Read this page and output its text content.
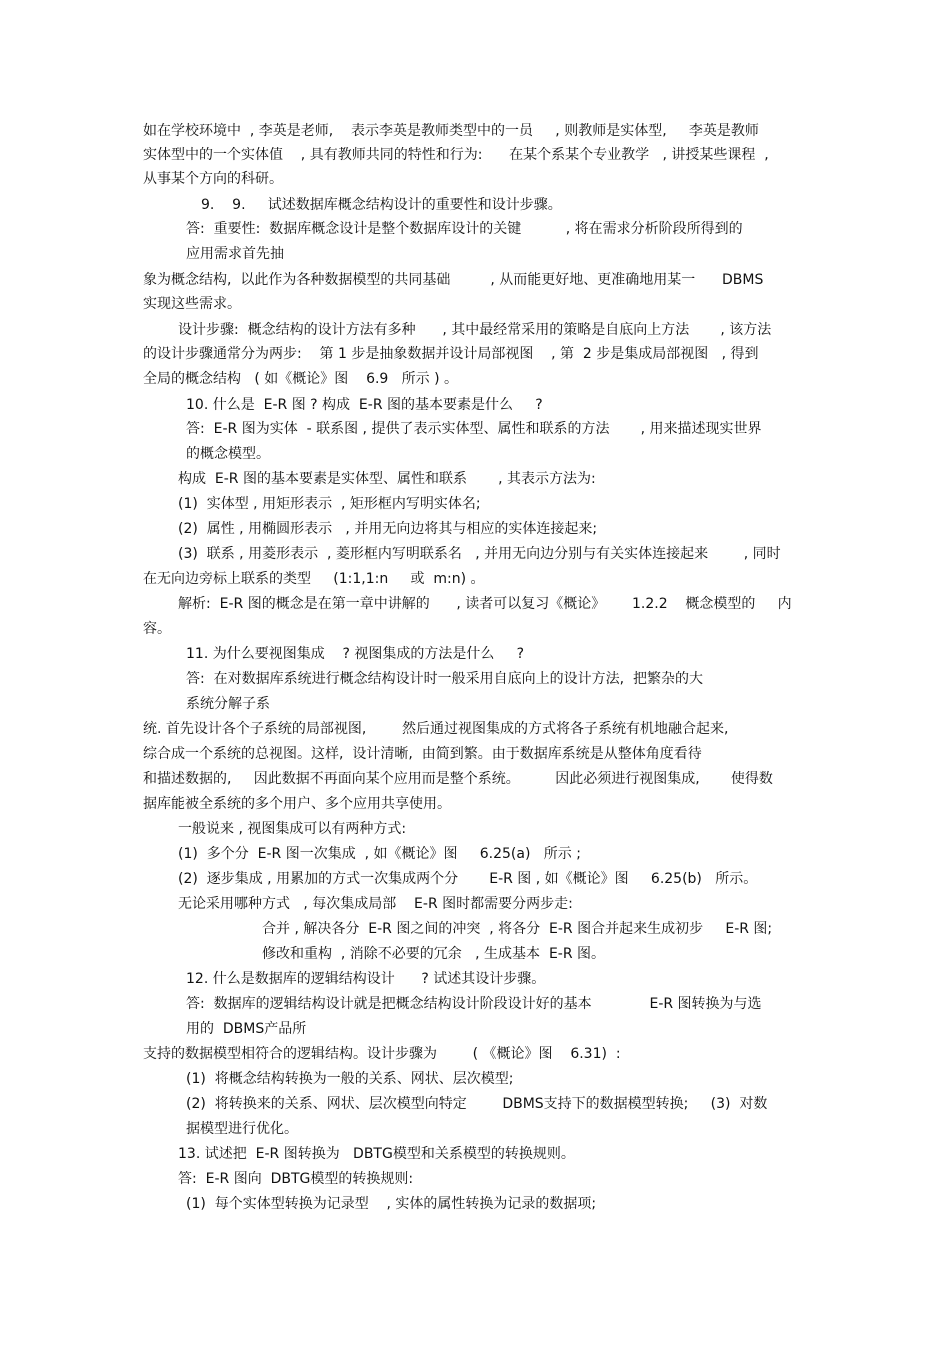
如在学校环境中  , 李英是老师,    表示李英是教师类型中的一员     , 则教师是实体型,     李英是教师
实体型中的一个实体值    , 具有教师共同的特性和行为:      在某个系某个专业教学   , 讲授某些课程  ,
从事某个方向的科研。
9.    9.     试述数据库概念结构设计的重要性和设计步骤。
答:  重要性:  数据库概念设计是整个数据库设计的关键          , 将在需求分析阶段所得到的
应用需求首先抽
象为概念结构,  以此作为各种数据模型的共同基础         , 从而能更好地、更准确地用某一      DBMS
实现这些需求。
设计步骤:  概念结构的设计方法有多种      , 其中最经常采用的策略是自底向上方法       , 该方法
的设计步骤通常分为两步:    第 1 步是抽象数据并设计局部视图    , 第  2 步是集成局部视图   , 得到
全局的概念结构   ( 如《概论》图    6.9   所示 ) 。
10. 什么是  E-R 图 ? 构成  E-R 图的基本要素是什么     ?
答:  E-R 图为实体  - 联系图 , 提供了表示实体型、属性和联系的方法       , 用来描述现实世界
的概念模型。
构成  E-R 图的基本要素是实体型、属性和联系       , 其表示方法为:
(1)  实体型 , 用矩形表示  , 矩形框内写明实体名;
(2)  属性 , 用椭圆形表示   , 并用无向边将其与相应的实体连接起来;
(3)  联系 , 用菱形表示  , 菱形框内写明联系名   , 并用无向边分别与有关实体连接起来        , 同时
在无向边旁标上联系的类型     (1:1,1:n     或  m:n) 。
解析:  E-R 图的概念是在第一章中讲解的      , 读者可以复习《概论》      1.2.2    概念模型的     内
容。
11. 为什么要视图集成    ? 视图集成的方法是什么     ?
答:  在对数据库系统进行概念结构设计时一般采用自底向上的设计方法,  把繁杂的大
系统分解子系
统. 首先设计各个子系统的局部视图,        然后通过视图集成的方式将各子系统有机地融合起来,
综合成一个系统的总视图。这样,  设计清晰,  由简到繁。由于数据库系统是从整体角度看待
和描述数据的,     因此数据不再面向某个应用而是整个系统。        因此必须进行视图集成,       使得数
据库能被全系统的多个用户、多个应用共享使用。
一般说来 , 视图集成可以有两种方式:
(1)  多个分  E-R 图一次集成  , 如《概论》图     6.25(a)   所示 ;
(2)  逐步集成 , 用累加的方式一次集成两个分       E-R 图 , 如《概论》图     6.25(b)   所示。
无论采用哪种方式   , 每次集成局部    E-R 图时都需要分两步走:
合并 , 解决各分  E-R 图之间的冲突  , 将各分  E-R 图合并起来生成初步     E-R 图;
修改和重构  , 消除不必要的冗余   , 生成基本  E-R 图。
12. 什么是数据库的逻辑结构设计      ? 试述其设计步骤。
答:  数据库的逻辑结构设计就是把概念结构设计阶段设计好的基本             E-R 图转换为与选
用的  DBMS产品所
支持的数据模型相符合的逻辑结构。设计步骤为        ( 《概论》图    6.31)  :
(1)  将概念结构转换为一般的关系、网状、层次模型;
(2)  将转换来的关系、网状、层次模型向特定        DBMS支持下的数据模型转换;     (3)  对数
据模型进行优化。
13. 试述把  E-R 图转换为   DBTG模型和关系模型的转换规则。
答:  E-R 图向  DBTG模型的转换规则:
(1)  每个实体型转换为记录型    , 实体的属性转换为记录的数据项;
